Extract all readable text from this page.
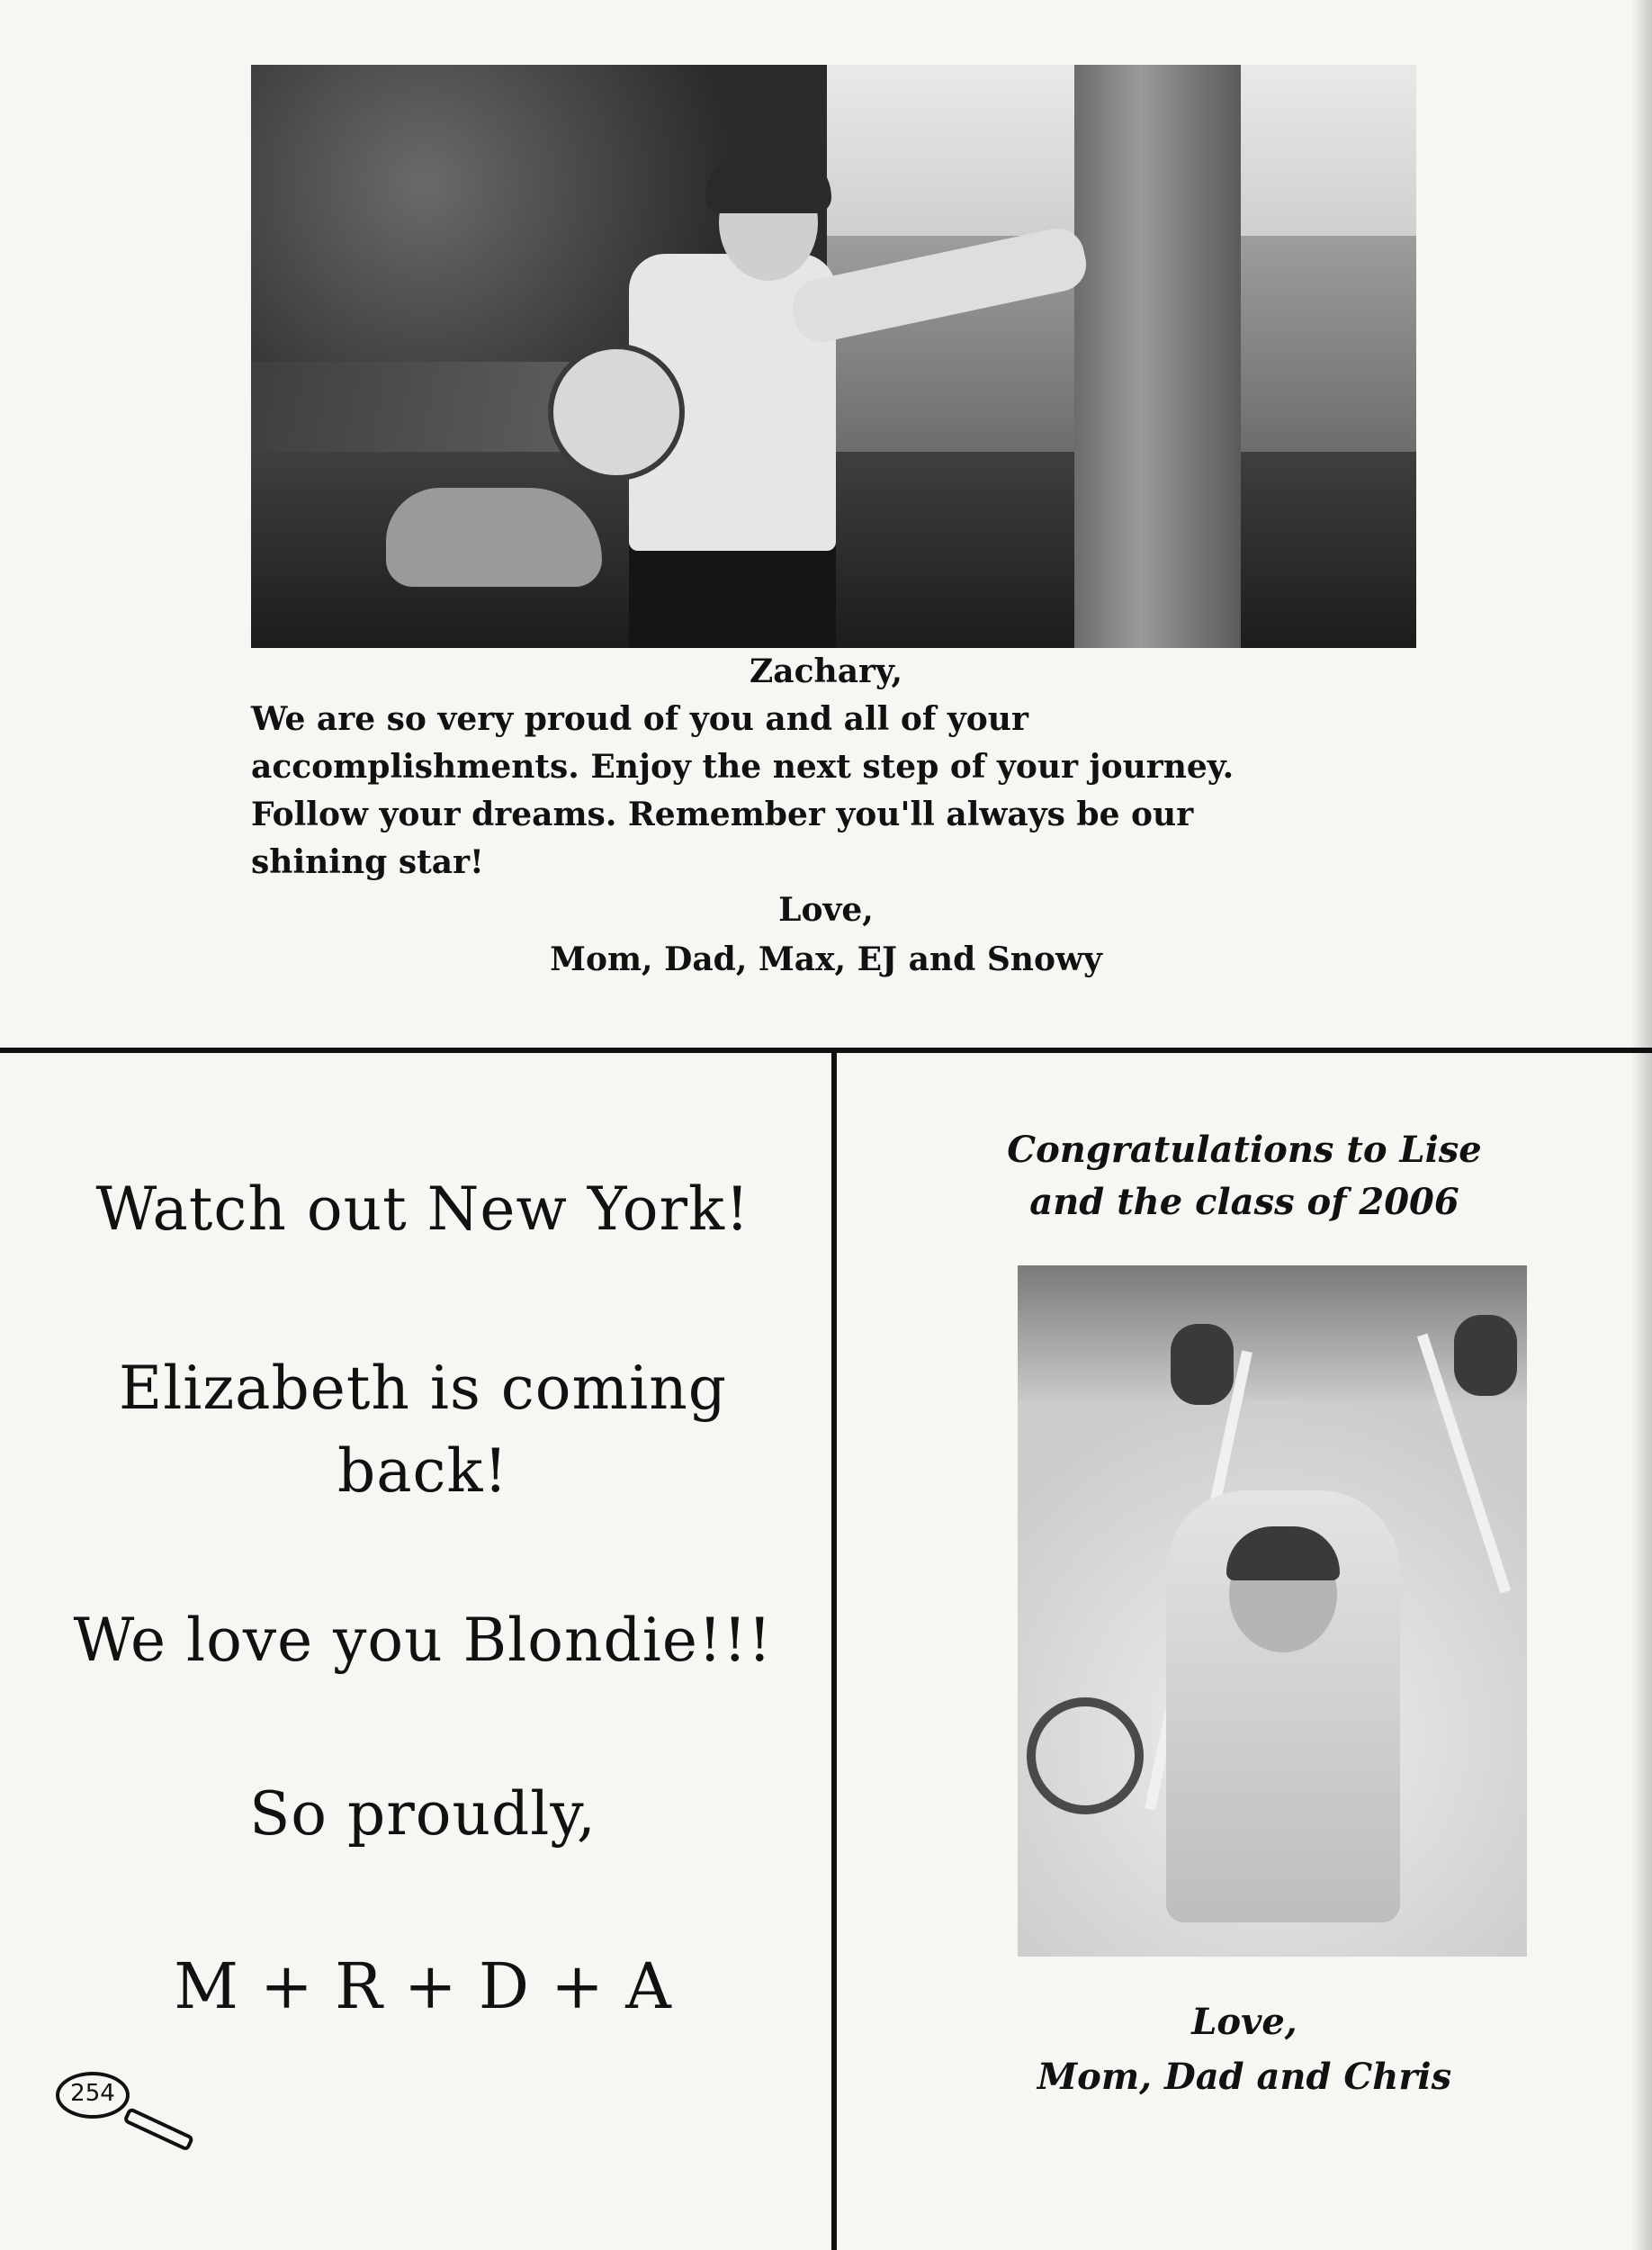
Zachary,
We are so very proud of you and all of your
accomplishments. Enjoy the next step of your journey.
Follow your dreams. Remember you'll always be our
shining star!
Love,
Mom, Dad, Max, EJ and Snowy
Watch out New York!
Elizabeth is coming
back!
We love you Blondie!!!
So proudly,
M + R + D + A
254
Congratulations to Lise
and the class of 2006
Love,
Mom, Dad and Chris
